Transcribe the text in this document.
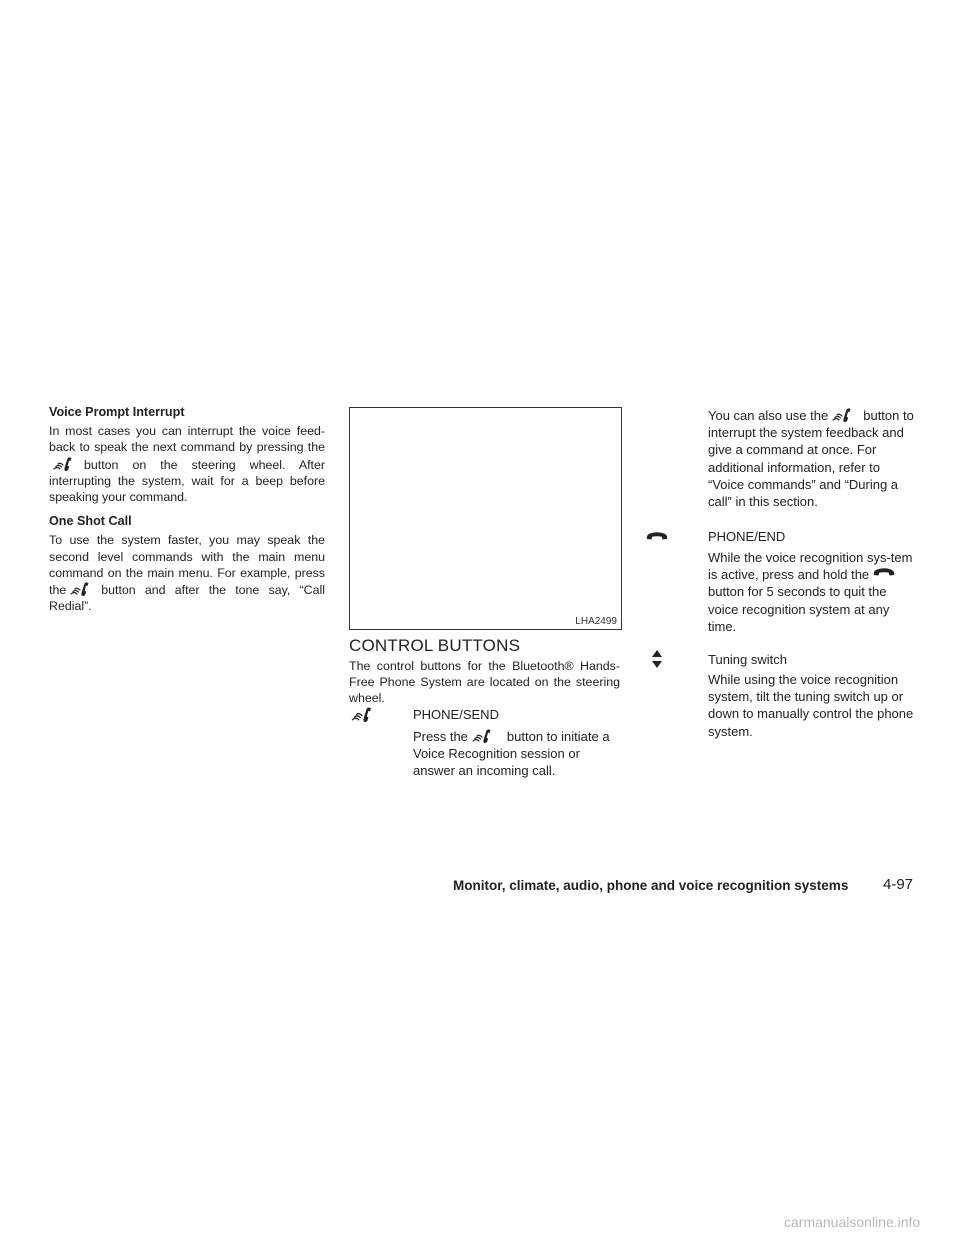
Voice Prompt Interrupt

In most cases you can interrupt the voice feed-back to speak the next command by pressing thebutton on the steering wheel. After interrupting the system, wait for a beep before speaking your command.

One Shot Call

To use the system faster, you may speak the second level commands with the main menu command on the main menu. For example, press the	button and after the tone say, “Call Redial”.

LHA2499
CONTROL BUTTONS
The control buttons for the Bluetooth® Hands-Free Phone System are located on the steering wheel.
PHONE/SEND
Press the	button to initiate a Voice Recognition session or answer an incoming call.
You can also use the	button to interrupt the system feedback and give a command at once. For additional information, refer to “Voice commands” and “During a call” in this section.
PHONE/END
While the voice recognition sys-tem is active, press and hold thebutton for 5 seconds to quit the voice recognition system at any time.
Tuning switch
While using the voice recognition system, tilt the tuning switch up or down to manually control the phone system.
Monitor, climate, audio, phone and voice recognition systems 4-97
carmanualsonline.info
